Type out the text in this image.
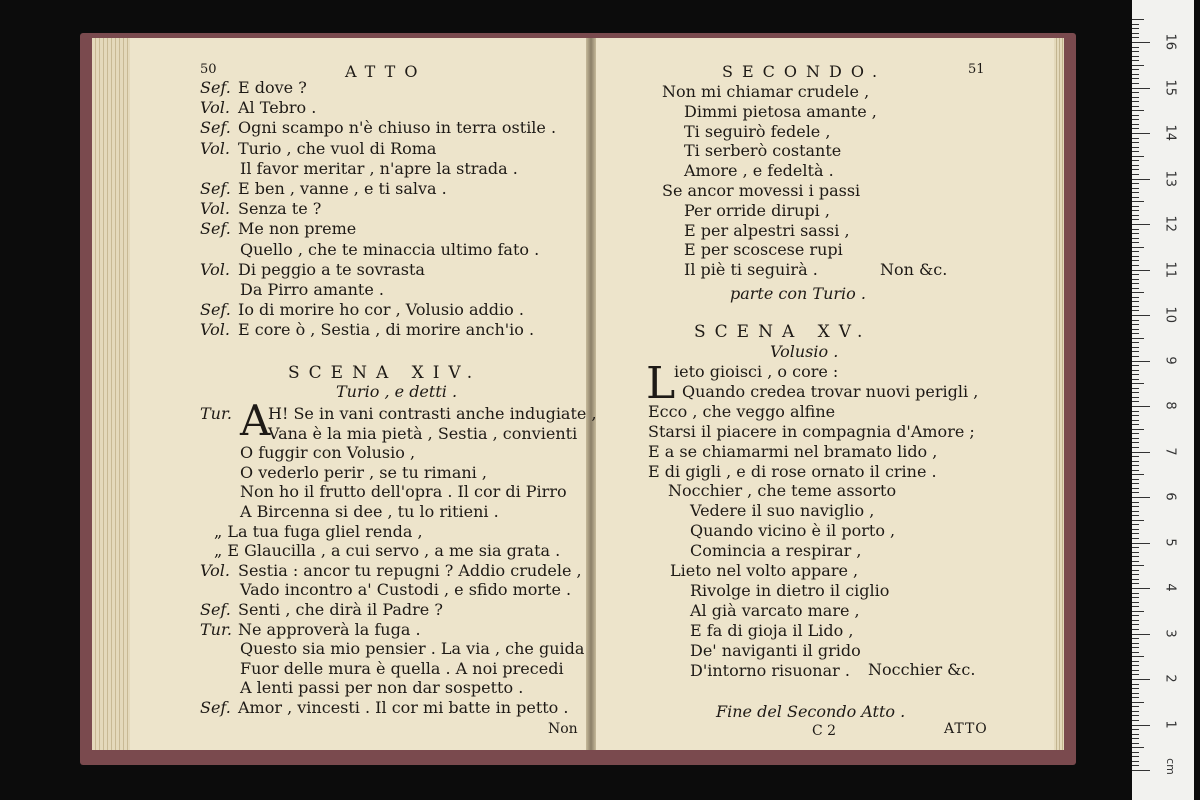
50	ATTO
Sef. E dove ?
Vol. Al Tebro .
Sef. Ogni scampo n'è chiuso in terra ostile .
Vol. Turio , che vuol di Roma
Il favor meritar , n'apre la strada .
Sef. E ben , vanne , e ti salva .
Vol. Senza te ?
Sef. Me non preme
Quello , che te minaccia ultimo fato .
Vol. Di peggio a te sovrasta
Da Pirro amante .
Sef. Io di morire ho cor , Volusio addio .
Vol. E core ò , Sestia , di morire anch'io .
SCENA XIV.
Turio , e detti .
Tur. A
H! Se in vani contrasti anche indugiate ,
Vana è la mia pietà , Sestia , convienti
O fuggir con Volusio ,
O vederlo perir , se tu rimani ,
Non ho il frutto dell'opra . Il cor di Pirro
A Bircenna si dee , tu lo ritieni .
„ La tua fuga gliel renda ,
„ E Glaucilla , a cui servo , a me sia grata .
Vol. Sestia : ancor tu repugni ? Addio crudele ,
Vado incontro a' Custodi , e sfido morte .
Sef. Senti , che dirà il Padre ?
Tur. Ne approverà la fuga .
Questo sia mio pensier . La via , che guida
Fuor delle mura è quella . A noi precedi
A lenti passi per non dar sospetto .
Sef. Amor , vincesti . Il cor mi batte in petto .
Non
SECONDO.	51
Non mi chiamar crudele ,
Dimmi pietosa amante ,
Ti seguirò fedele ,
Ti serberò costante
Amore , e fedeltà .
Se ancor movessi i passi
Per orride dirupi ,
E per alpestri sassi ,
E per scoscese rupi
Il piè ti seguirà .	Non &c.
parte con Turio .
SCENA XV.
Volusio .
L
ieto gioisci , o core :
Quando credea trovar nuovi perigli ,
Ecco , che veggo alfine
Starsi il piacere in compagnia d'Amore ;
E a se chiamarmi nel bramato lido ,
E di gigli , e di rose ornato il crine .
Nocchier , che teme assorto
Vedere il suo naviglio ,
Quando vicino è il porto ,
Comincia a respirar ,
Lieto nel volto appare ,
Rivolge in dietro il ciglio
Al già varcato mare ,
E fa di gioja il Lido ,
De' naviganti il grido
D'intorno risuonar . Nocchier &c.
Fine del Secondo Atto .
C 2	ATTO
cm
1
2
3
4
5
6
7
8
9
10
11
12
13
14
15
16
